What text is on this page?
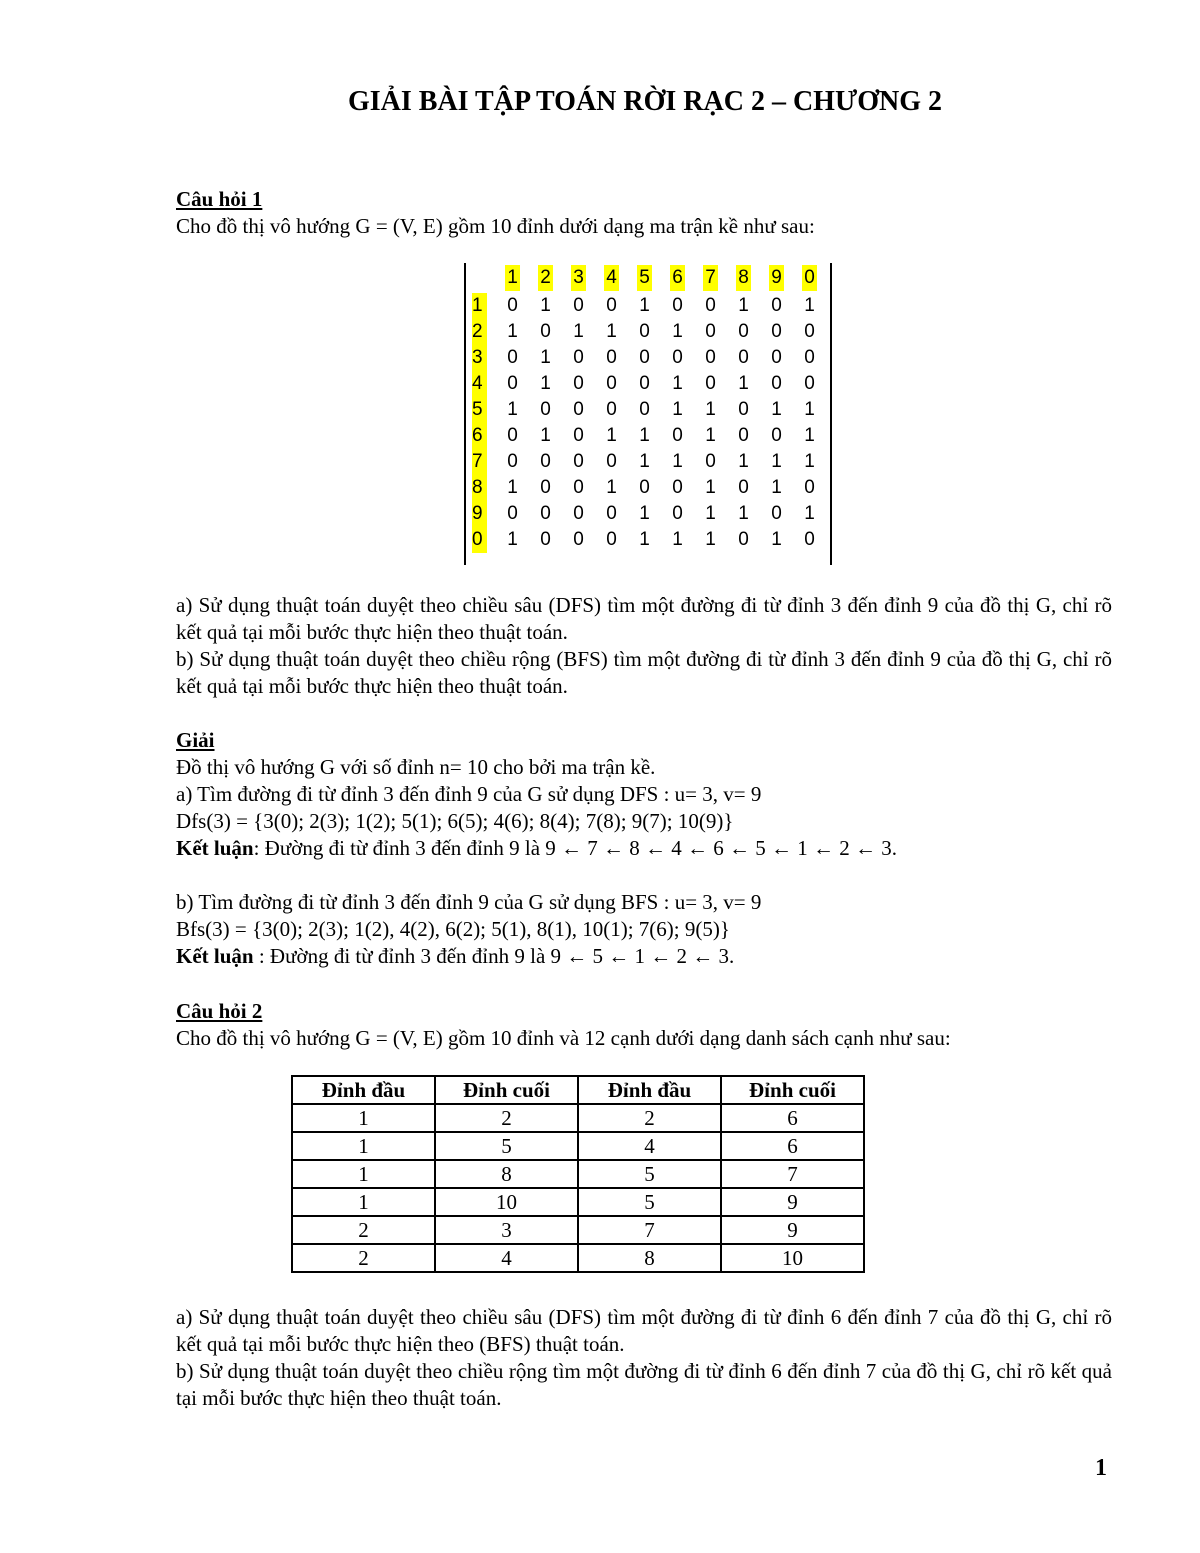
GIẢI BÀI TẬP TOÁN RỜI RẠC 2 – CHƯƠNG 2

Câu hỏi 1

Cho đồ thị vô hướng G = (V, E) gồm 10 đỉnh dưới dạng ma trận kề như sau:

1	2	3	4	5	6	7	8	9	0
1	0	1	0	0	1	0	0	1	0	1
2	1	0	1	1	0	1	0	0	0	0
3	0	1	0	0	0	0	0	0	0	0
4	0	1	0	0	0	1	0	1	0	0
5	1	0	0	0	0	1	1	0	1	1
6	0	1	0	1	1	0	1	0	0	1
7	0	0	0	0	1	1	0	1	1	1
8	1	0	0	1	0	0	1	0	1	0
9	0	0	0	0	1	0	1	1	0	1
0	1	0	0	0	1	1	1	0	1	0

a) Sử dụng thuật toán duyệt theo chiều sâu (DFS) tìm một đường đi từ đỉnh 3 đến đỉnh 9 của đồ thị G, chỉ rõ kết quả tại mỗi bước thực hiện theo thuật toán.

b) Sử dụng thuật toán duyệt theo chiều rộng (BFS) tìm một đường đi từ đỉnh 3 đến đỉnh 9 của đồ thị G, chỉ rõ kết quả tại mỗi bước thực hiện theo thuật toán.

Giải

Đồ thị vô hướng G với số đỉnh n= 10 cho bởi ma trận kề.

a) Tìm đường đi từ đỉnh 3 đến đỉnh 9 của G sử dụng DFS : u= 3, v= 9

Dfs(3) = {3(0); 2(3); 1(2); 5(1); 6(5); 4(6); 8(4); 7(8); 9(7); 10(9)}

Kết luận: Đường đi từ đỉnh 3 đến đỉnh 9 là 9 ← 7 ← 8 ← 4 ← 6 ← 5 ← 1 ← 2 ← 3.

b) Tìm đường đi từ đỉnh 3 đến đỉnh 9 của G sử dụng BFS : u= 3, v= 9

Bfs(3) = {3(0); 2(3); 1(2), 4(2), 6(2); 5(1), 8(1), 10(1); 7(6); 9(5)}

Kết luận : Đường đi từ đỉnh 3 đến đỉnh 9 là 9 ← 5 ← 1 ← 2 ← 3.

Câu hỏi 2

Cho đồ thị vô hướng G = (V, E) gồm 10 đỉnh và 12 cạnh dưới dạng danh sách cạnh như sau:

Đỉnh đầu	Đỉnh cuối	Đỉnh đầu	Đỉnh cuối
1	2	2	6
1	5	4	6
1	8	5	7
1	10	5	9
2	3	7	9
2	4	8	10

a) Sử dụng thuật toán duyệt theo chiều sâu (DFS) tìm một đường đi từ đỉnh 6 đến đỉnh 7 của đồ thị G, chỉ rõ kết quả tại mỗi bước thực hiện theo (BFS) thuật toán.

b) Sử dụng thuật toán duyệt theo chiều rộng tìm một đường đi từ đỉnh 6 đến đỉnh 7 của đồ thị G, chỉ rõ kết quả tại mỗi bước thực hiện theo thuật toán.

1
